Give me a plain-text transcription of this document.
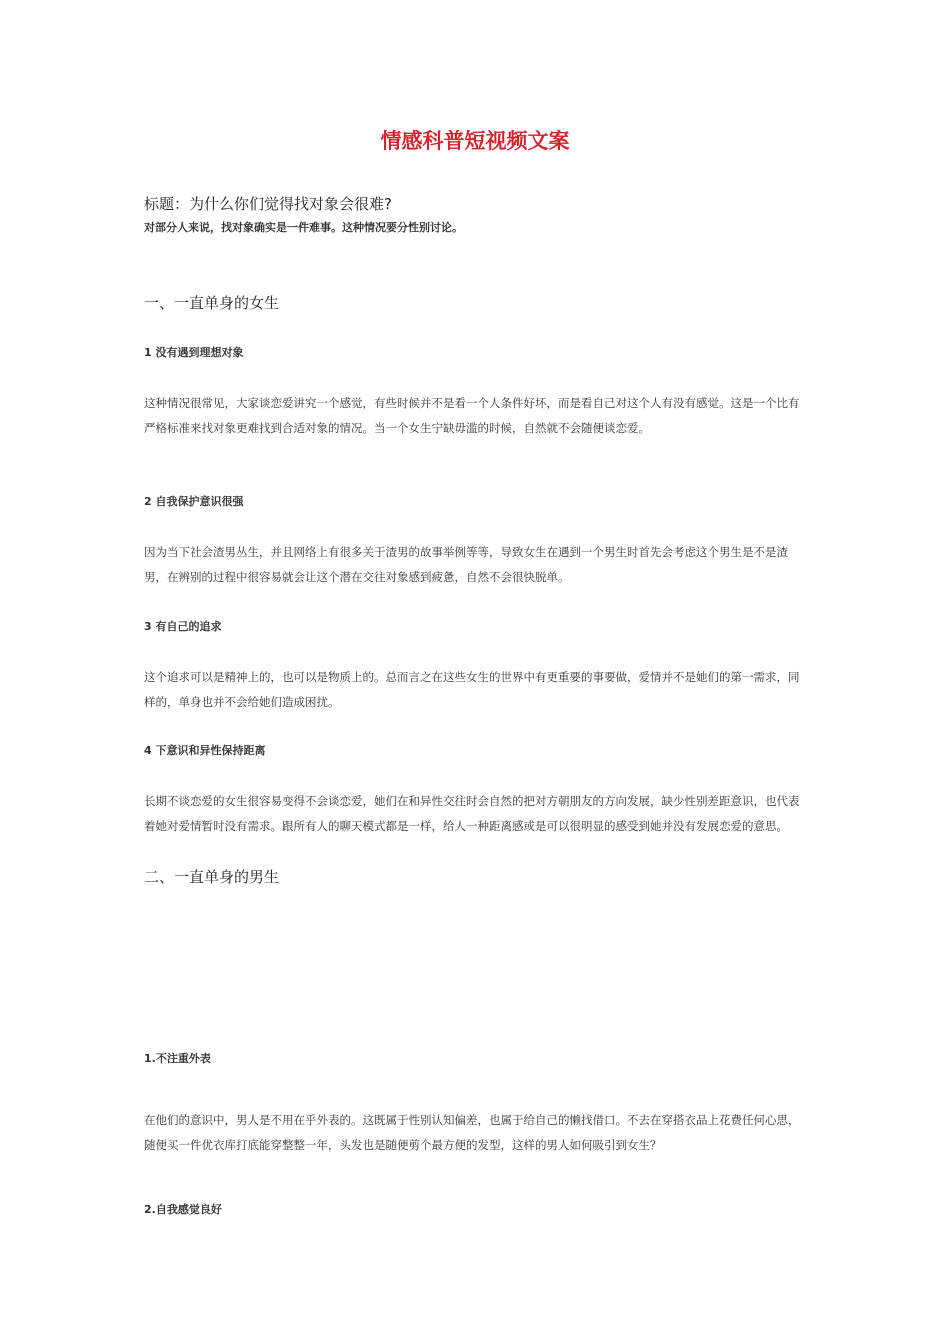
情感科普短视频文案
标题：为什么你们觉得找对象会很难?
对部分人来说，找对象确实是一件难事。这种情况要分性别讨论。
一、一直单身的女生
1 没有遇到理想对象

这种情况很常见，大家谈恋爱讲究一个感觉，有些时候并不是看一个人条件好坏，而是看自己对这个人有没有感觉。这是一个比有严格标准来找对象更难找到合适对象的情况。当一个女生宁缺毋滥的时候，自然就不会随便谈恋爱。

2 自我保护意识很强

因为当下社会渣男丛生，并且网络上有很多关于渣男的故事举例等等，导致女生在遇到一个男生时首先会考虑这个男生是不是渣男，在辨别的过程中很容易就会让这个潜在交往对象感到疲惫，自然不会很快脱单。

3 有自己的追求

这个追求可以是精神上的，也可以是物质上的。总而言之在这些女生的世界中有更重要的事要做，爱情并不是她们的第一需求，同样的，单身也并不会给她们造成困扰。

4 下意识和异性保持距离

长期不谈恋爱的女生很容易变得不会谈恋爱，她们在和异性交往时会自然的把对方朝朋友的方向发展，缺少性别差距意识，也代表着她对爱情暂时没有需求。跟所有人的聊天模式都是一样，给人一种距离感或是可以很明显的感受到她并没有发展恋爱的意思。

二、一直单身的男生
1.不注重外表

在他们的意识中，男人是不用在乎外表的。这既属于性别认知偏差，也属于给自己的懒找借口。不去在穿搭衣品上花费任何心思，随便买一件优衣库打底能穿整整一年，头发也是随便剪个最方便的发型，这样的男人如何吸引到女生？

2.自我感觉良好
